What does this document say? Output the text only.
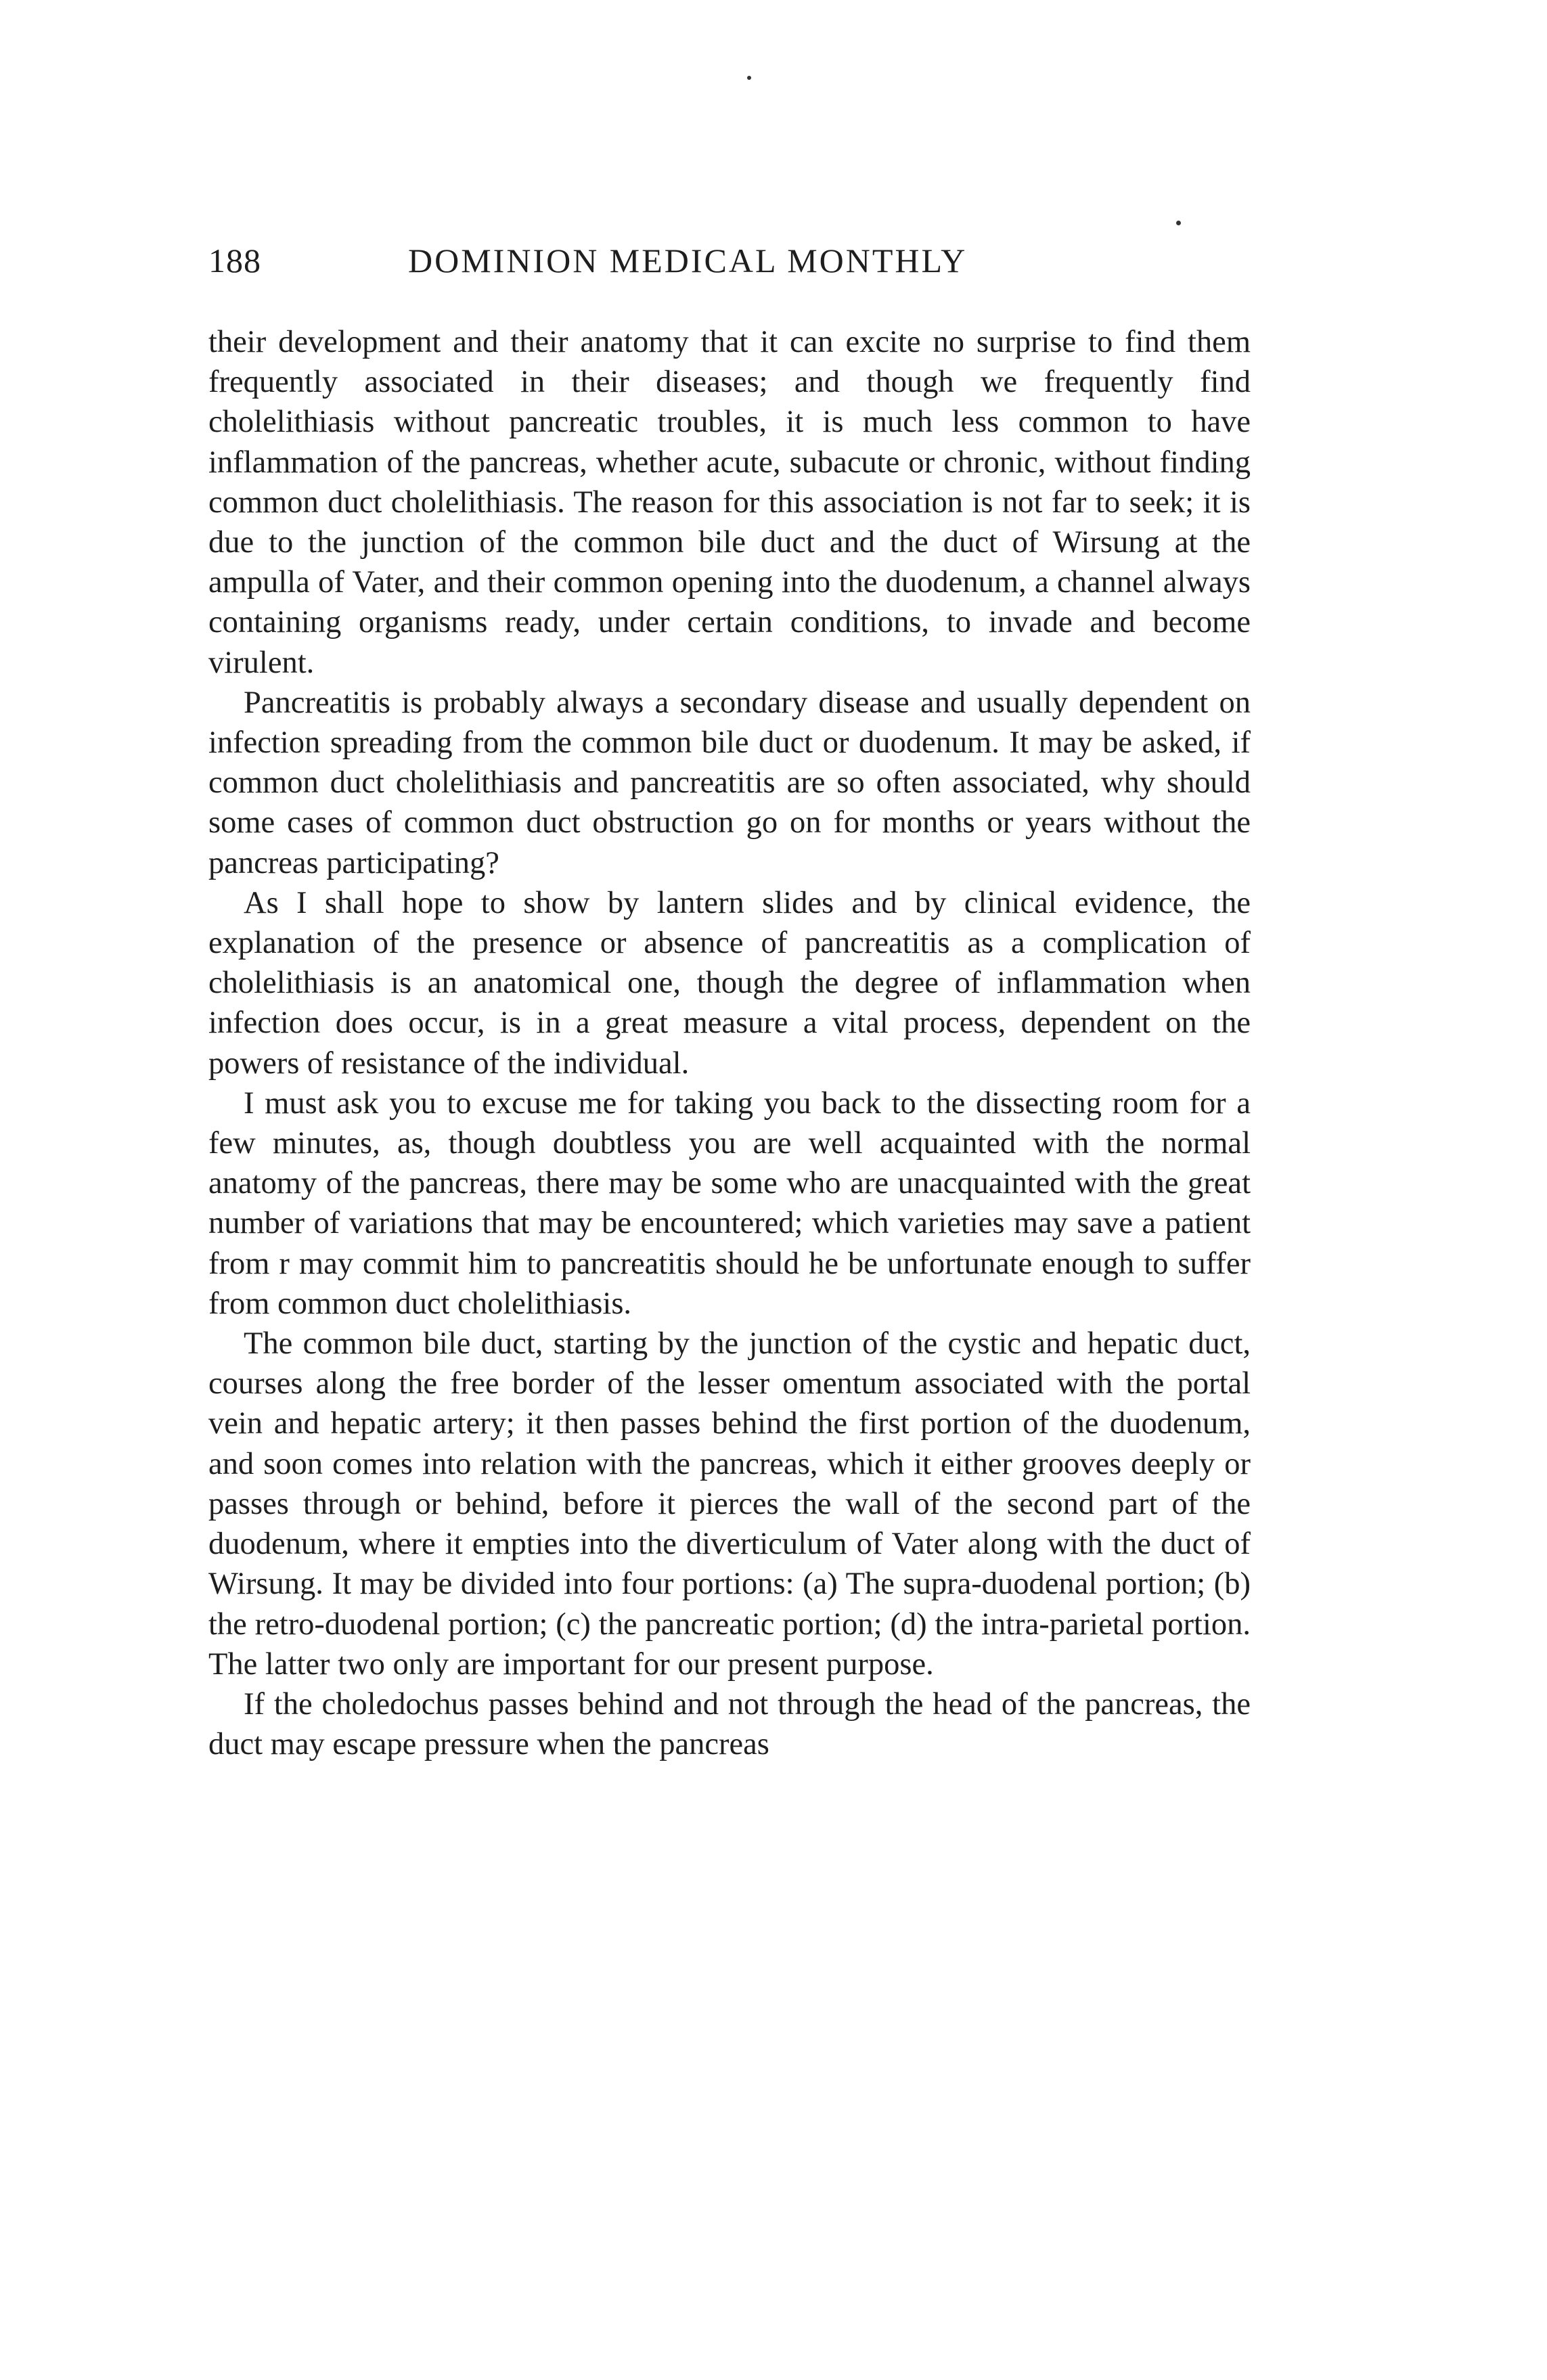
188	DOMINION MEDICAL MONTHLY

their development and their anatomy that it can excite no surprise to find them frequently associated in their diseases; and though we frequently find cholelithiasis without pancreatic troubles, it is much less common to have inflammation of the pancreas, whether acute, subacute or chronic, without finding common duct cholelithiasis. The reason for this association is not far to seek; it is due to the junction of the common bile duct and the duct of Wirsung at the ampulla of Vater, and their common opening into the duodenum, a channel always containing organisms ready, under certain conditions, to invade and become virulent.

Pancreatitis is probably always a secondary disease and usually dependent on infection spreading from the common bile duct or duodenum. It may be asked, if common duct cholelithiasis and pancreatitis are so often associated, why should some cases of common duct obstruction go on for months or years without the pancreas participating?

As I shall hope to show by lantern slides and by clinical evidence, the explanation of the presence or absence of pancreatitis as a complication of cholelithiasis is an anatomical one, though the degree of inflammation when infection does occur, is in a great measure a vital process, dependent on the powers of resistance of the individual.

I must ask you to excuse me for taking you back to the dissecting room for a few minutes, as, though doubtless you are well acquainted with the normal anatomy of the pancreas, there may be some who are unacquainted with the great number of variations that may be encountered; which varieties may save a patient from r may commit him to pancreatitis should he be unfortunate enough to suffer from common duct cholelithiasis.

The common bile duct, starting by the junction of the cystic and hepatic duct, courses along the free border of the lesser omentum associated with the portal vein and hepatic artery; it then passes behind the first portion of the duodenum, and soon comes into relation with the pancreas, which it either grooves deeply or passes through or behind, before it pierces the wall of the second part of the duodenum, where it empties into the diverticulum of Vater along with the duct of Wirsung. It may be divided into four portions: (a) The supra-duodenal portion; (b) the retro-duodenal portion; (c) the pancreatic portion; (d) the intra-parietal portion. The latter two only are important for our present purpose.

If the choledochus passes behind and not through the head of the pancreas, the duct may escape pressure when the pancreas
